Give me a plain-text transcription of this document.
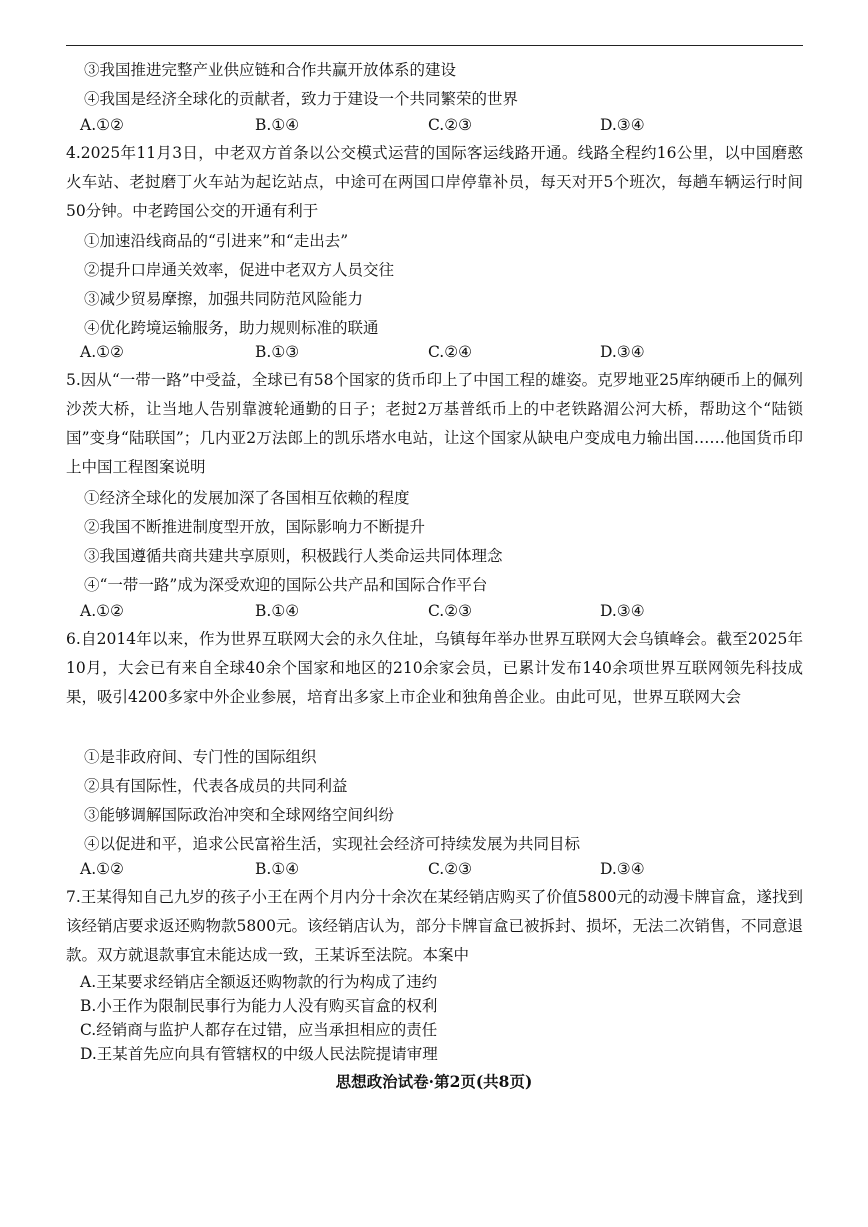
③我国推进完整产业供应链和合作共赢开放体系的建设
④我国是经济全球化的贡献者，致力于建设一个共同繁荣的世界
A.①②	B.①④	C.②③	D.③④
4.2025年11月3日，中老双方首条以公交模式运营的国际客运线路开通。线路全程约16公里，以中国磨憨火车站、老挝磨丁火车站为起讫站点，中途可在两国口岸停靠补员，每天对开5个班次，每趟车辆运行时间50分钟。中老跨国公交的开通有利于
①加速沿线商品的“引进来”和“走出去”
②提升口岸通关效率，促进中老双方人员交往
③减少贸易摩擦，加强共同防范风险能力
④优化跨境运输服务，助力规则标准的联通
A.①②	B.①③	C.②④	D.③④
5.因从“一带一路”中受益，全球已有58个国家的货币印上了中国工程的雄姿。克罗地亚25库纳硬币上的佩列沙茨大桥，让当地人告别靠渡轮通勤的日子；老挝2万基普纸币上的中老铁路湄公河大桥，帮助这个“陆锁国”变身“陆联国”；几内亚2万法郎上的凯乐塔水电站，让这个国家从缺电户变成电力输出国……他国货币印上中国工程图案说明
①经济全球化的发展加深了各国相互依赖的程度
②我国不断推进制度型开放，国际影响力不断提升
③我国遵循共商共建共享原则，积极践行人类命运共同体理念
④“一带一路”成为深受欢迎的国际公共产品和国际合作平台
A.①②	B.①④	C.②③	D.③④
6.自2014年以来，作为世界互联网大会的永久住址，乌镇每年举办世界互联网大会乌镇峰会。截至2025年10月，大会已有来自全球40余个国家和地区的210余家会员，已累计发布140余项世界互联网领先科技成果，吸引4200多家中外企业参展，培育出多家上市企业和独角兽企业。由此可见，世界互联网大会
①是非政府间、专门性的国际组织
②具有国际性，代表各成员的共同利益
③能够调解国际政治冲突和全球网络空间纠纷
④以促进和平，追求公民富裕生活，实现社会经济可持续发展为共同目标
A.①②	B.①④	C.②③	D.③④
7.王某得知自己九岁的孩子小王在两个月内分十余次在某经销店购买了价值5800元的动漫卡牌盲盒，遂找到该经销店要求返还购物款5800元。该经销店认为，部分卡牌盲盒已被拆封、损坏，无法二次销售，不同意退款。双方就退款事宜未能达成一致，王某诉至法院。本案中
A.王某要求经销店全额返还购物款的行为构成了违约
B.小王作为限制民事行为能力人没有购买盲盒的权利
C.经销商与监护人都存在过错，应当承担相应的责任
D.王某首先应向具有管辖权的中级人民法院提请审理
思想政治试卷·第2页(共8页)
